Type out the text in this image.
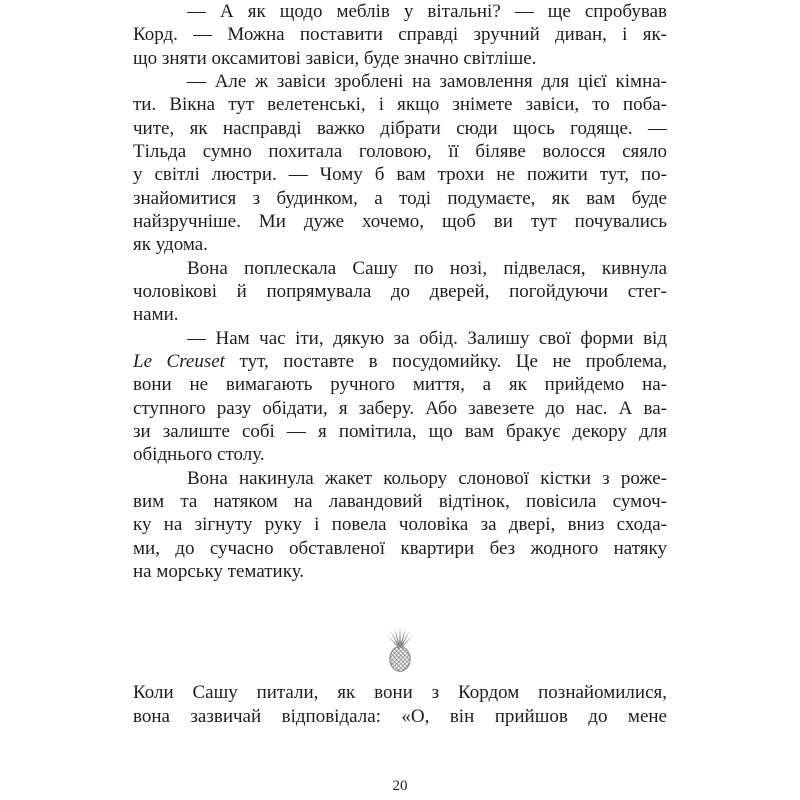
— А як щодо меблів у вітальні? — ще спробував
Корд. — Можна поставити справді зручний диван, і як-
що зняти оксамитові завіси, буде значно світліше.
— Але ж завіси зроблені на замовлення для цієї кімна-
ти. Вікна тут велетенські, і якщо знімете завіси, то поба-
чите, як насправді важко дібрати сюди щось годяще. —
Тільда сумно похитала головою, її біляве волосся сяяло
у світлі люстри. — Чому б вам трохи не пожити тут, по-
знайомитися з будинком, а тоді подумаєте, як вам буде
найзручніше. Ми дуже хочемо, щоб ви тут почувались
як удома.
Вона поплескала Сашу по нозі, підвелася, кивнула
чоловікові й попрямувала до дверей, погойдуючи стег-
нами.
— Нам час іти, дякую за обід. Залишу свої форми від
Le Creuset тут, поставте в посудомийку. Це не проблема,
вони не вимагають ручного миття, а як прийдемо на-
ступного разу обідати, я заберу. Або завезете до нас. А ва-
зи залиште собі — я помітила, що вам бракує декору для
обіднього столу.
Вона накинула жакет кольору слонової кістки з роже-
вим та натяком на лавандовий відтінок, повісила сумоч-
ку на зігнуту руку і повела чоловіка за двері, вниз схода-
ми, до сучасно обставленої квартири без жодного натяку
на морську тематику.
Коли Сашу питали, як вони з Кордом познайомилися,
вона зазвичай відповідала: «О, він прийшов до мене
20
